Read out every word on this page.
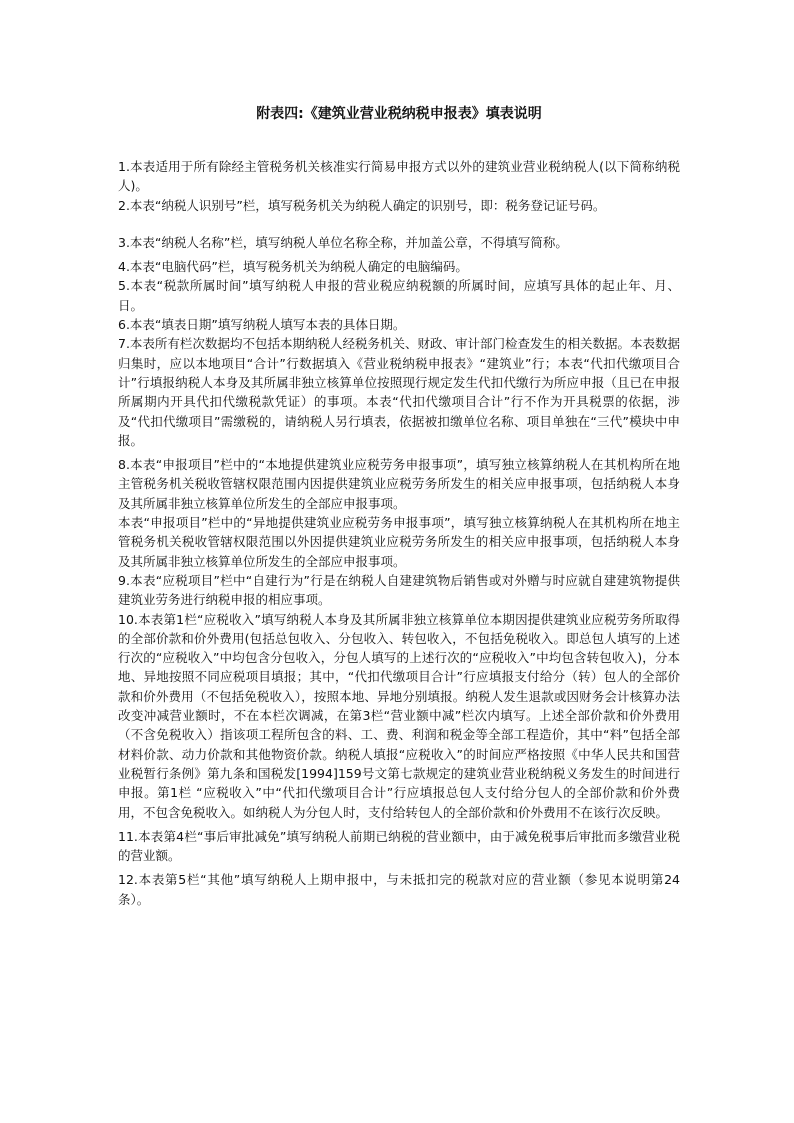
附表四:《建筑业营业税纳税申报表》填表说明

1.本表适用于所有除经主管税务机关核准实行简易申报方式以外的建筑业营业税纳税人(以下简称纳税人)。

2.本表“纳税人识别号”栏，填写税务机关为纳税人确定的识别号，即：税务登记证号码。

3.本表“纳税人名称”栏，填写纳税人单位名称全称，并加盖公章，不得填写简称。

4.本表“电脑代码”栏，填写税务机关为纳税人确定的电脑编码。

5.本表“税款所属时间”填写纳税人申报的营业税应纳税额的所属时间，应填写具体的起止年、月、日。

6.本表“填表日期”填写纳税人填写本表的具体日期。

7.本表所有栏次数据均不包括本期纳税人经税务机关、财政、审计部门检查发生的相关数据。本表数据归集时，应以本地项目“合计”行数据填入《营业税纳税申报表》“建筑业”行；本表“代扣代缴项目合计”行填报纳税人本身及其所属非独立核算单位按照现行规定发生代扣代缴行为所应申报（且已在申报所属期内开具代扣代缴税款凭证）的事项。本表“代扣代缴项目合计”行不作为开具税票的依据，涉及“代扣代缴项目”需缴税的，请纳税人另行填表，依据被扣缴单位名称、项目单独在“三代”模块中申报。

8.本表“申报项目”栏中的“本地提供建筑业应税劳务申报事项”，填写独立核算纳税人在其机构所在地主管税务机关税收管辖权限范围内因提供建筑业应税劳务所发生的相关应申报事项，包括纳税人本身及其所属非独立核算单位所发生的全部应申报事项。

本表“申报项目”栏中的“异地提供建筑业应税劳务申报事项”，填写独立核算纳税人在其机构所在地主管税务机关税收管辖权限范围以外因提供建筑业应税劳务所发生的相关应申报事项，包括纳税人本身及其所属非独立核算单位所发生的全部应申报事项。

9.本表“应税项目”栏中“自建行为”行是在纳税人自建建筑物后销售或对外赠与时应就自建建筑物提供建筑业劳务进行纳税申报的相应事项。

10.本表第1栏“应税收入”填写纳税人本身及其所属非独立核算单位本期因提供建筑业应税劳务所取得的全部价款和价外费用(包括总包收入、分包收入、转包收入，不包括免税收入。即总包人填写的上述行次的“应税收入”中均包含分包收入，分包人填写的上述行次的“应税收入”中均包含转包收入)，分本地、异地按照不同应税项目填报；其中，“代扣代缴项目合计”行应填报支付给分（转）包人的全部价款和价外费用（不包括免税收入），按照本地、异地分别填报。纳税人发生退款或因财务会计核算办法改变冲减营业额时，不在本栏次调减，在第3栏“营业额中减”栏次内填写。上述全部价款和价外费用（不含免税收入）指该项工程所包含的料、工、费、利润和税金等全部工程造价，其中“料”包括全部材料价款、动力价款和其他物资价款。纳税人填报“应税收入”的时间应严格按照《中华人民共和国营业税暂行条例》第九条和国税发[1994]159号文第七款规定的建筑业营业税纳税义务发生的时间进行申报。第1栏 “应税收入”中“代扣代缴项目合计”行应填报总包人支付给分包人的全部价款和价外费用，不包含免税收入。如纳税人为分包人时，支付给转包人的全部价款和价外费用不在该行次反映。

11.本表第4栏“事后审批减免”填写纳税人前期已纳税的营业额中，由于减免税事后审批而多缴营业税的营业额。

12.本表第5栏“其他”填写纳税人上期申报中，与未抵扣完的税款对应的营业额（参见本说明第24条）。
